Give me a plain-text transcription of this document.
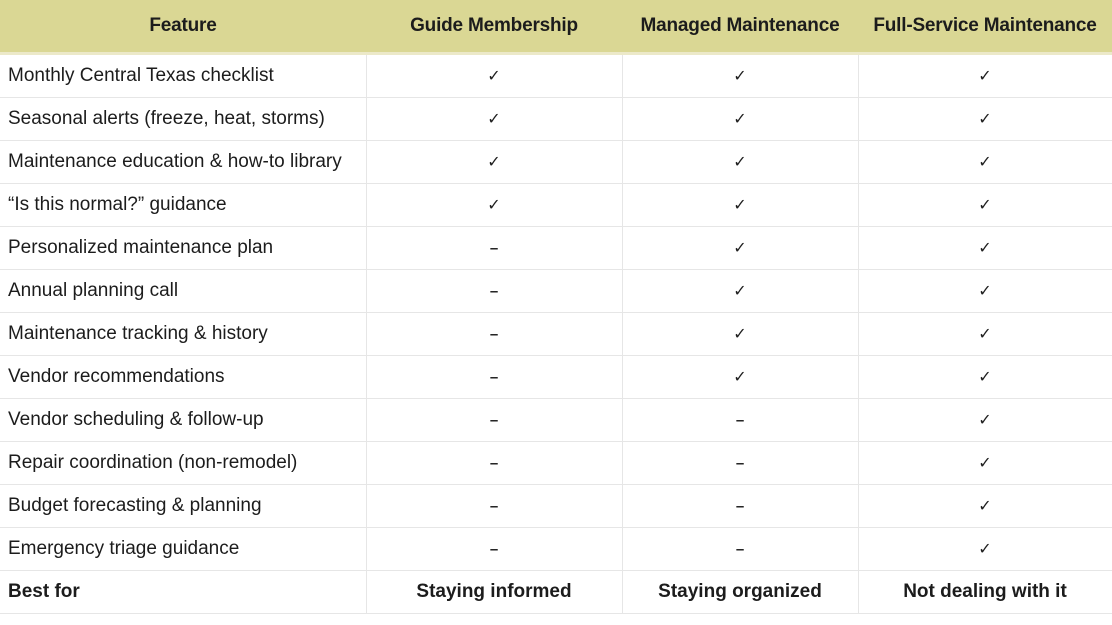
Feature	Guide Membership	Managed Maintenance	Full-Service Maintenance
Monthly Central Texas checklist	✓	✓	✓
Seasonal alerts (freeze, heat, storms)	✓	✓	✓
Maintenance education & how-to library	✓	✓	✓
“Is this normal?” guidance	✓	✓	✓
Personalized maintenance plan	–	✓	✓
Annual planning call	–	✓	✓
Maintenance tracking & history	–	✓	✓
Vendor recommendations	–	✓	✓
Vendor scheduling & follow-up	–	–	✓
Repair coordination (non-remodel)	–	–	✓
Budget forecasting & planning	–	–	✓
Emergency triage guidance	–	–	✓
Best for	Staying informed	Staying organized	Not dealing with it
